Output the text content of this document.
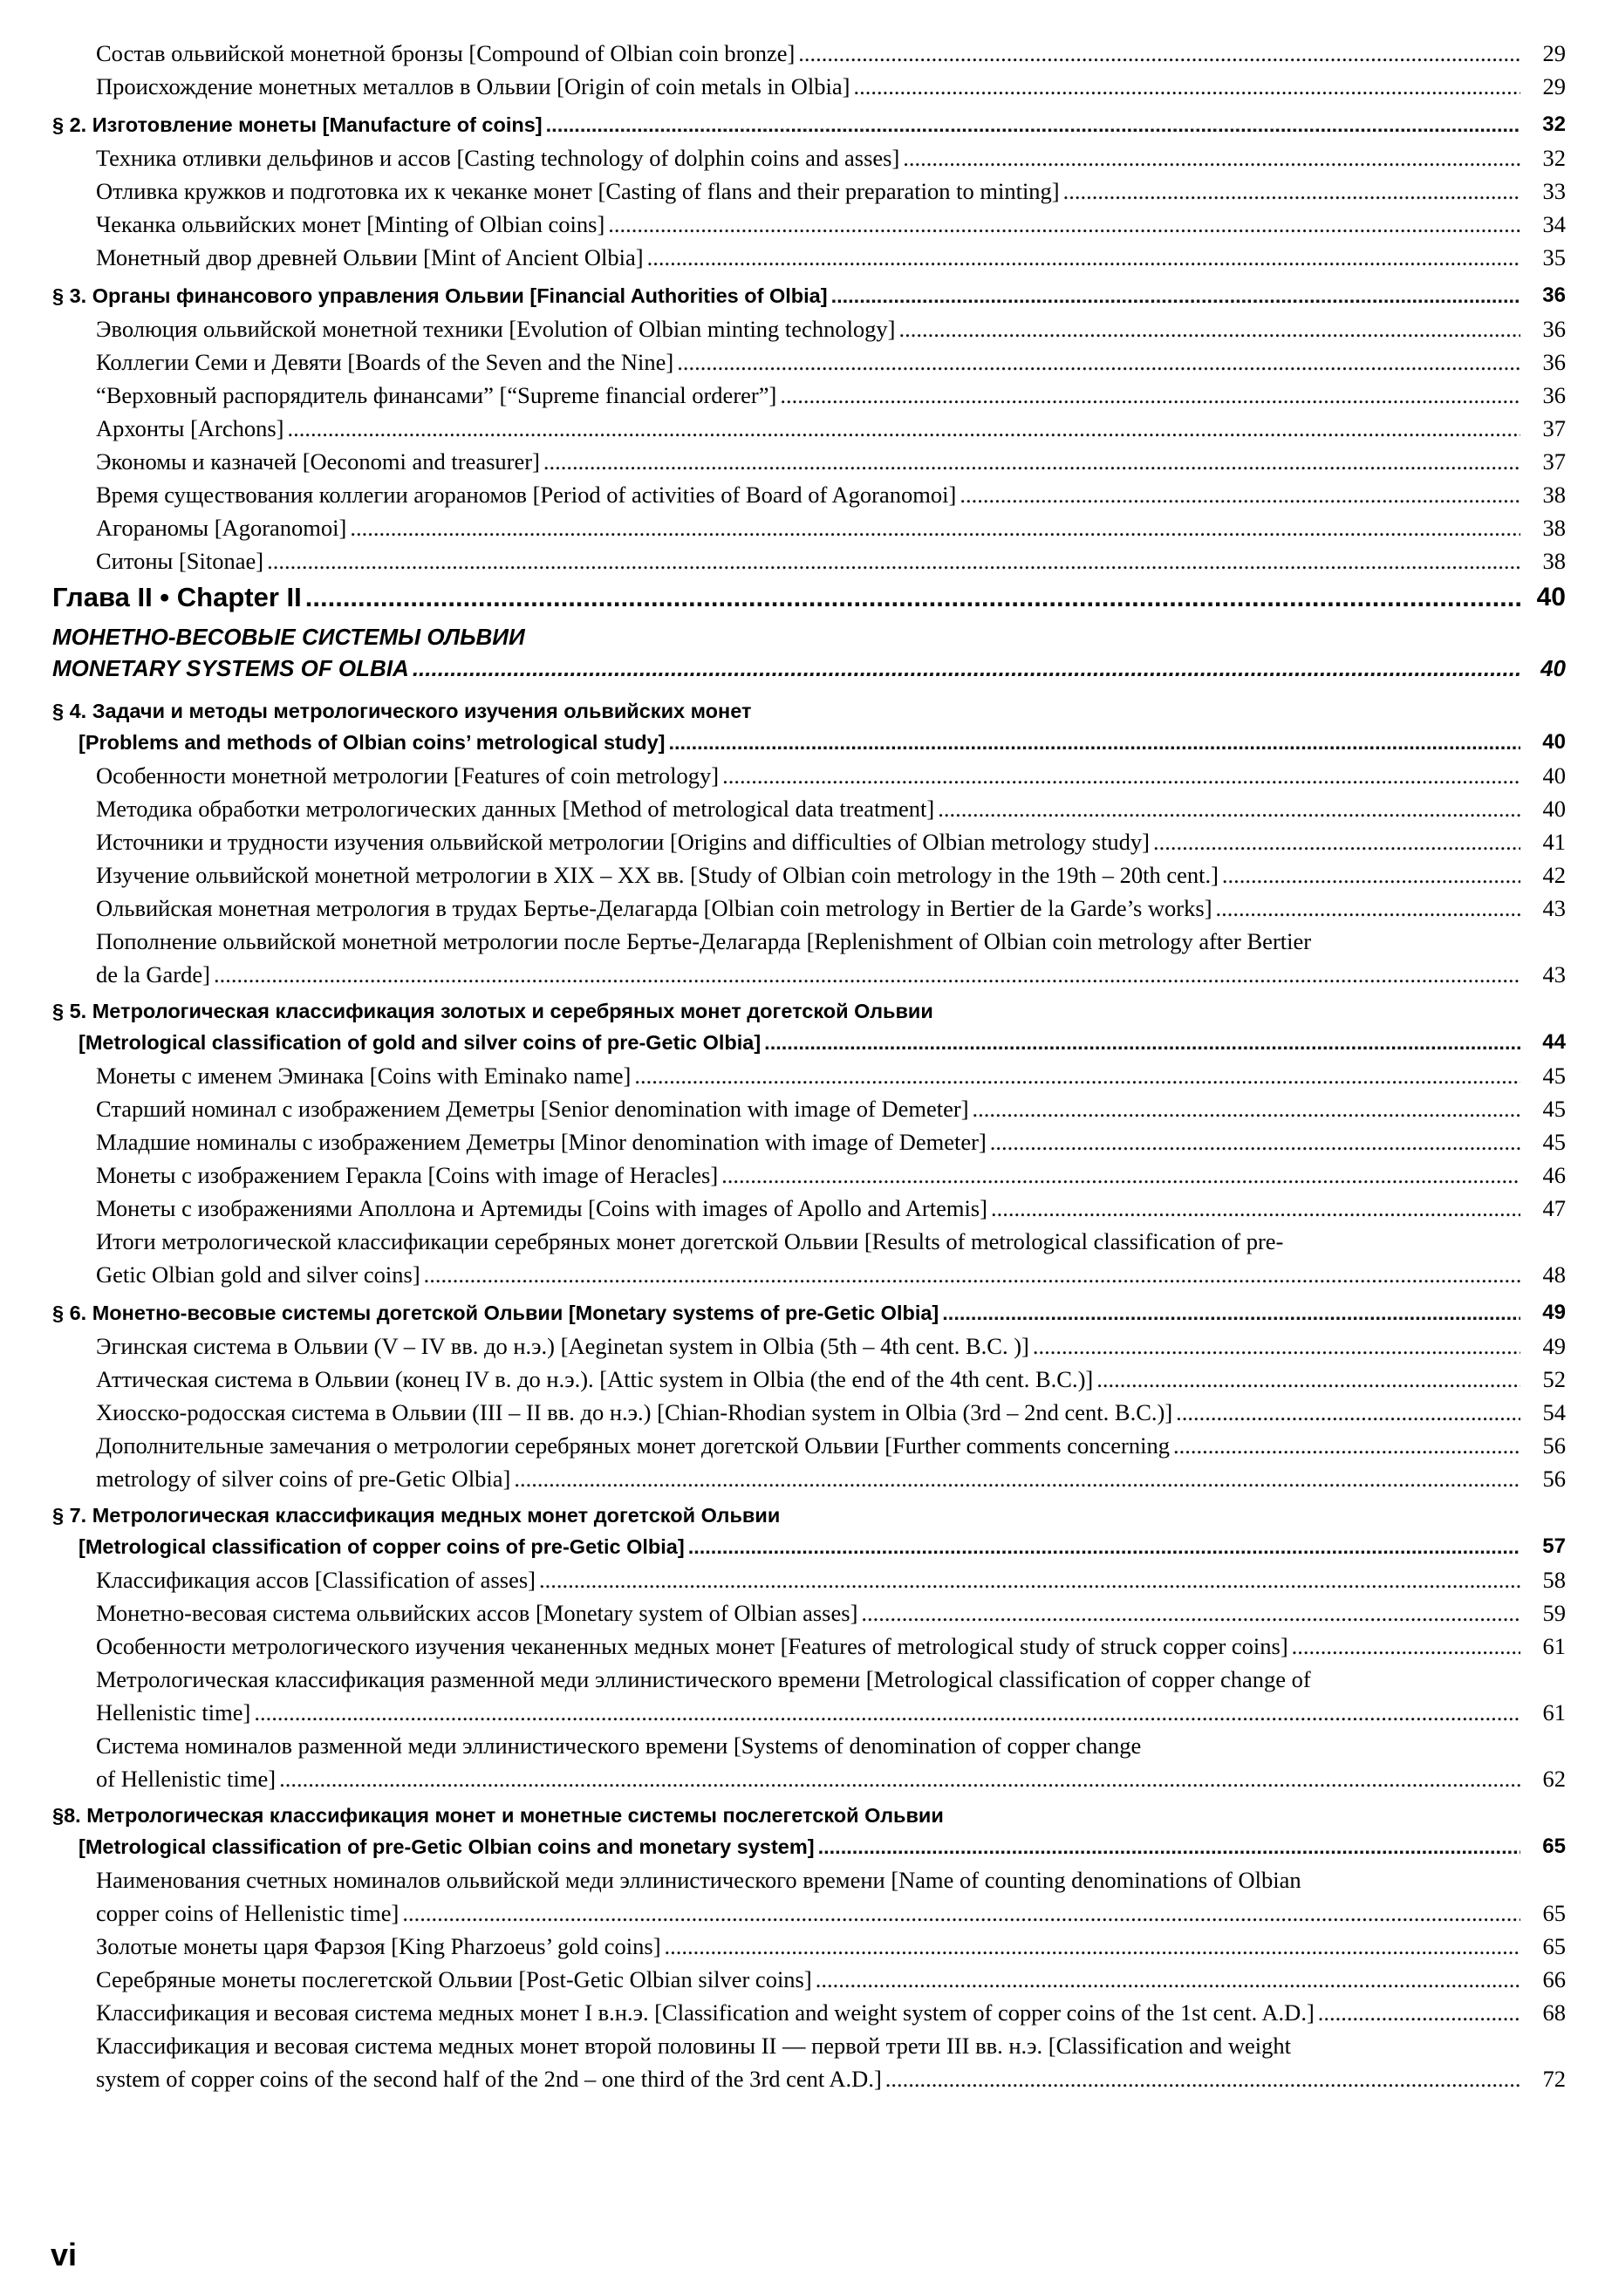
Состав ольвийской монетной бронзы [Compound of Olbian coin bronze] .....	29
Происхождение монетных металлов в Ольвии [Origin of coin metals in Olbia] .....	29
§ 2. Изготовление монеты [Manufacture of coins] .....	32
Техника отливки дельфинов и ассов [Casting technology of dolphin coins and asses] .....	32
Отливка кружков и подготовка их к чеканке монет [Casting of flans and their preparation to minting] .....	33
Чеканка ольвийских монет [Minting of Olbian coins] .....	34
Монетный двор древней Ольвии [Mint of Ancient Olbia] .....	35
§ 3. Органы финансового управления Ольвии [Financial Authorities of Olbia] .....	36
Эволюция ольвийской монетной техники [Evolution of Olbian minting technology] .....	36
Коллегии Семи и Девяти [Boards of the Seven and the Nine] .....	36
“Верховный распорядитель финансами” [“Supreme financial orderer”] .....	36
Архонты [Archons] .....	37
Экономы и казначей [Oeconomi and treasurer] .....	37
Время существования коллегии агораномов [Period of activities of Board of Agoranomoi] .....	38
Агораномы [Agoranomoi] .....	38
Ситоны [Sitonae] .....	38
Глава II • Chapter II .....	40
МОНЕТНО-ВЕСОВЫЕ СИСТЕМЫ ОЛЬВИИ
MONETARY SYSTEMS OF OLBIA .....	40
§ 4. Задачи и методы метрологического изучения ольвийских монет
[Problems and methods of Olbian coins’ metrological study] .....	40
Особенности монетной метрологии [Features of coin metrology] .....	40
Методика обработки метрологических данных [Method of metrological data treatment] .....	40
Источники и трудности изучения ольвийской метрологии [Origins and difficulties of Olbian metrology study] .....	41
Изучение ольвийской монетной метрологии в XIX – XX вв. [Study of Olbian coin metrology in the 19th – 20th cent.] .....	42
Ольвийская монетная метрология в трудах Бертье-Делагарда [Olbian coin metrology in Bertier de la Garde’s works] .....	43
Пополнение ольвийской монетной метрологии после Бертье-Делагарда [Replenishment of Olbian coin metrology after Bertier
de la Garde] .....	43
§ 5. Метрологическая классификация золотых и серебряных монет догетской Ольвии
[Metrological classification of gold and silver coins of pre-Getic Olbia] .....	44
Монеты с именем Эминака [Coins with Eminako name] .....	45
Старший номинал с изображением Деметры [Senior denomination with image of Demeter] .....	45
Младшие номиналы с изображением Деметры [Minor denomination with image of Demeter] .....	45
Монеты с изображением Геракла [Coins with image of Heracles] .....	46
Монеты с изображениями Аполлона и Артемиды [Coins with images of Apollo and Artemis] .....	47
Итоги метрологической классификации серебряных монет догетской Ольвии [Results of metrological classification of pre-
Getic Olbian gold and silver coins] .....	48
§ 6. Монетно-весовые системы догетской Ольвии [Monetary systems of pre-Getic Olbia] .....	49
Эгинская система в Ольвии (V – IV вв. до н.э.) [Aeginetan system in Olbia (5th – 4th cent. B.C. )] .....	49
Аттическая система в Ольвии (конец IV в. до н.э.). [Attic system in Olbia (the end of the 4th cent. B.C.)] .....	52
Хиосско-родосская система в Ольвии (III – II вв. до н.э.) [Chian-Rhodian system in Olbia (3rd – 2nd cent. B.C.)] .....	54
Дополнительные замечания о метрологии серебряных монет догетской Ольвии [Further comments concerning .....	56
metrology of silver coins of pre-Getic Olbia] .....	56
§ 7. Метрологическая классификация медных монет догетской Ольвии
[Metrological classification of copper coins of pre-Getic Olbia] .....	57
Классификация ассов [Classification of asses] .....	58
Монетно-весовая система ольвийских ассов [Monetary system of Olbian asses] .....	59
Особенности метрологического изучения чеканенных медных монет [Features of metrological study of struck copper coins] .....	61
Метрологическая классификация разменной меди эллинистического времени [Metrological classification of copper change of
Hellenistic time] .....	61
Система номиналов разменной меди эллинистического времени [Systems of denomination of copper change
of Hellenistic time] .....	62
§8. Метрологическая классификация монет и монетные системы послегетской Ольвии
[Metrological classification of pre-Getic Olbian coins and monetary system] .....	65
Наименования счетных номиналов ольвийской меди эллинистического времени [Name of counting denominations of Olbian
copper coins of Hellenistic time] .....	65
Золотые монеты царя Фарзоя [King Pharzoeus’ gold coins] .....	65
Серебряные монеты послегетской Ольвии [Post-Getic Olbian silver coins] .....	66
Классификация и весовая система медных монет I в.н.э. [Classification and weight system of copper coins of the 1st cent. A.D.] .....	68
Классификация и весовая система медных монет второй половины II — первой трети III вв. н.э. [Classification and weight
system of copper coins of the second half of the 2nd – one third of the 3rd cent A.D.] .....	72
vi
